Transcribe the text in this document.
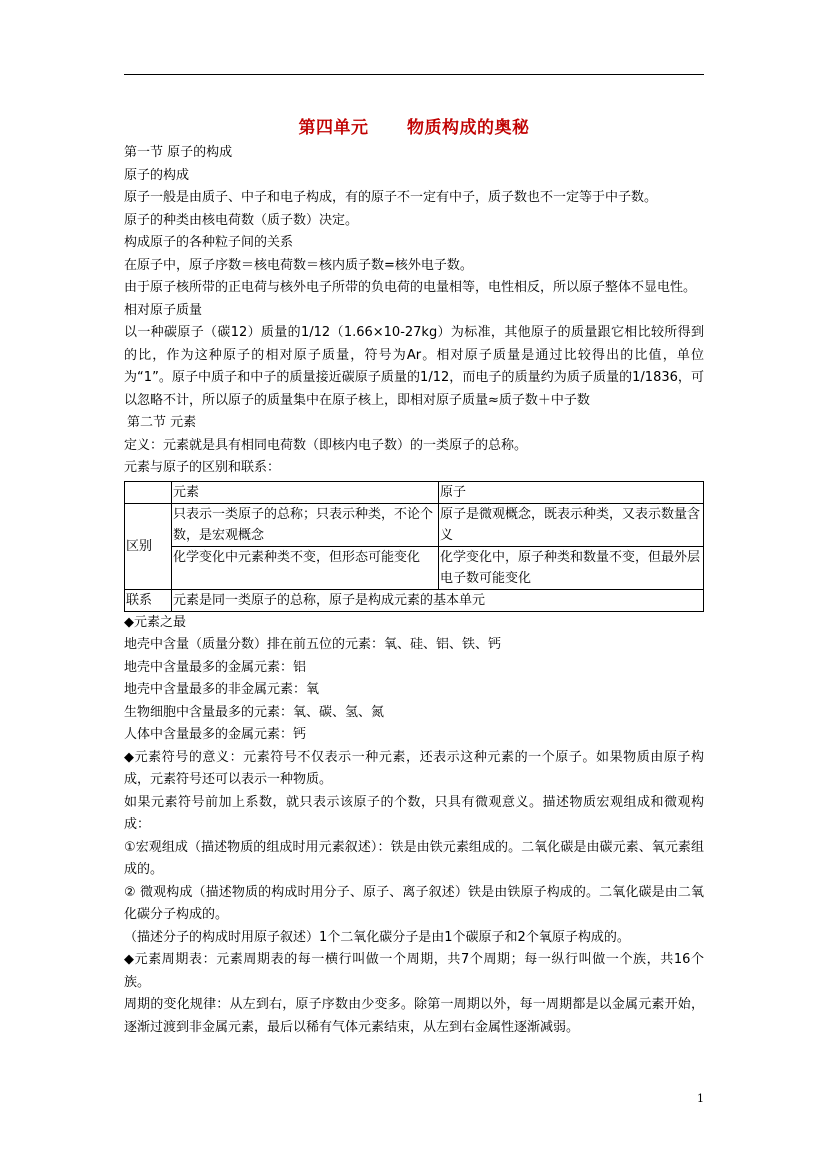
第四单元      物质构成的奥秘

第一节 原子的构成

原子的构成

原子一般是由质子、中子和电子构成，有的原子不一定有中子，质子数也不一定等于中子数。

原子的种类由核电荷数（质子数）决定。

构成原子的各种粒子间的关系

在原子中，原子序数＝核电荷数＝核内质子数=核外电子数。

由于原子核所带的正电荷与核外电子所带的负电荷的电量相等，电性相反，所以原子整体不显电性。

相对原子质量

以一种碳原子（碳12）质量的1/12（1.66×10-27kg）为标准，其他原子的质量跟它相比较所得到的比，作为这种原子的相对原子质量，符号为Ar。相对原子质量是通过比较得出的比值，单位为“1”。原子中质子和中子的质量接近碳原子质量的1/12，而电子的质量约为质子质量的1/1836，可以忽略不计，所以原子的质量集中在原子核上，即相对原子质量≈质子数＋中子数

第二节 元素

定义：元素就是具有相同电荷数（即核内电子数）的一类原子的总称。

元素与原子的区别和联系：

	元素	原子
区别	只表示一类原子的总称；只表示种类，不论个数，是宏观概念	原子是微观概念，既表示种类，又表示数量含义
	化学变化中元素种类不变，但形态可能变化	化学变化中，原子种类和数量不变，但最外层电子数可能变化
联系	元素是同一类原子的总称，原子是构成元素的基本单元	

◆元素之最

地壳中含量（质量分数）排在前五位的元素：氧、硅、铝、铁、钙

地壳中含量最多的金属元素：铝

地壳中含量最多的非金属元素：氧

生物细胞中含量最多的元素：氧、碳、氢、氮

人体中含量最多的金属元素：钙

◆元素符号的意义：元素符号不仅表示一种元素，还表示这种元素的一个原子。如果物质由原子构成，元素符号还可以表示一种物质。

如果元素符号前加上系数，就只表示该原子的个数，只具有微观意义。描述物质宏观组成和微观构成：

①宏观组成（描述物质的组成时用元素叙述）：铁是由铁元素组成的。二氧化碳是由碳元素、氧元素组成的。

② 微观构成（描述物质的构成时用分子、原子、离子叙述）铁是由铁原子构成的。二氧化碳是由二氧化碳分子构成的。

（描述分子的构成时用原子叙述）1个二氧化碳分子是由1个碳原子和2个氧原子构成的。

◆元素周期表：元素周期表的每一横行叫做一个周期，共7个周期；每一纵行叫做一个族，共16个族。

周期的变化规律：从左到右，原子序数由少变多。除第一周期以外，每一周期都是以金属元素开始，逐渐过渡到非金属元素，最后以稀有气体元素结束，从左到右金属性逐渐减弱。

1
